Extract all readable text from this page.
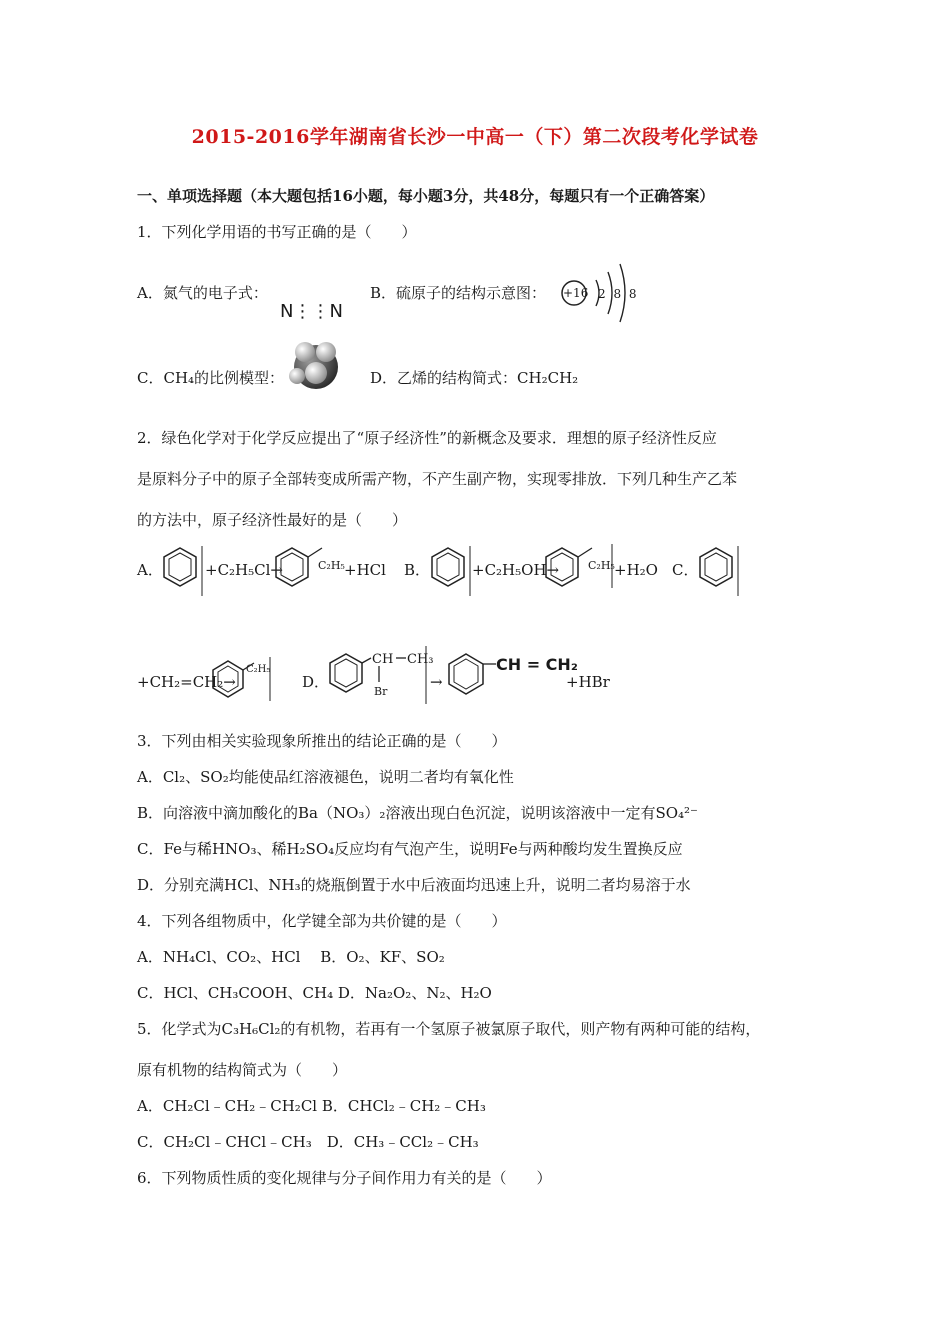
2015-2016学年湖南省长沙一中高一（下）第二次段考化学试卷
一、单项选择题（本大题包括16小题，每小题3分，共48分，每题只有一个正确答案）
1．下列化学用语的书写正确的是（　　）
A．氮气的电子式：
N⋮⋮N
B．硫原子的结构示意图： +16 2 8 8
C．CH₄的比例模型：	D．乙烯的结构简式：CH₂CH₂
2．绿色化学对于化学反应提出了“原子经济性”的新概念及要求．理想的原子经济性反应
是原料分子中的原子全部转变成所需产物，不产生副产物，实现零排放．下列几种生产乙苯
的方法中，原子经济性最好的是（　　）
A．	+C₂H₅Cl→	C₂H₅ +HCl B．	+C₂H₅OH→	C₂H₅ +H₂O C．
+CH₂=CH₂→
C₂H₅
D．
CH CH₃
Br
→
CH = CH₂
+HBr
3．下列由相关实验现象所推出的结论正确的是（　　）
A．Cl₂、SO₂均能使品红溶液褪色，说明二者均有氧化性
B．向溶液中滴加酸化的Ba（NO₃）₂溶液出现白色沉淀，说明该溶液中一定有SO₄²⁻
C．Fe与稀HNO₃、稀H₂SO₄反应均有气泡产生，说明Fe与两种酸均发生置换反应
D．分别充满HCl、NH₃的烧瓶倒置于水中后液面均迅速上升，说明二者均易溶于水
4．下列各组物质中，化学键全部为共价键的是（　　）
A．NH₄Cl、CO₂、HCl　 B．O₂、KF、SO₂
C．HCl、CH₃COOH、CH₄ D．Na₂O₂、N₂、H₂O
5．化学式为C₃H₆Cl₂的有机物，若再有一个氢原子被氯原子取代，则产物有两种可能的结构，
原有机物的结构简式为（　　）
A．CH₂Cl﹣CH₂﹣CH₂Cl B．CHCl₂﹣CH₂﹣CH₃
C．CH₂Cl﹣CHCl﹣CH₃　D．CH₃﹣CCl₂﹣CH₃
6．下列物质性质的变化规律与分子间作用力有关的是（　　）
